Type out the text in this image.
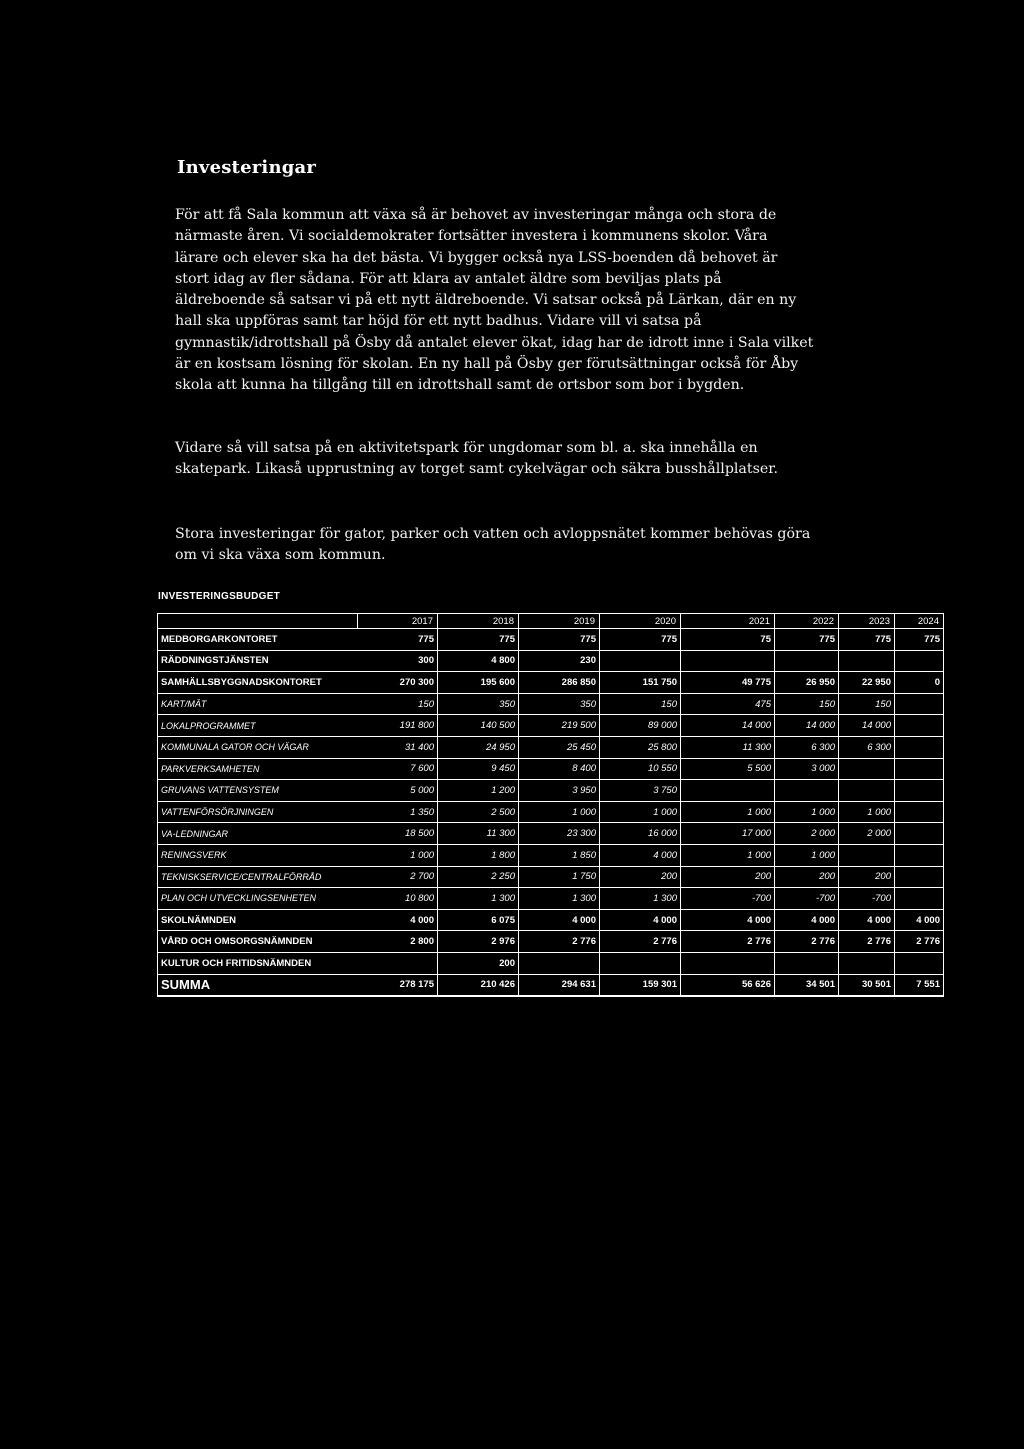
Investeringar

För att få Sala kommun att växa så är behovet av investeringar många och stora de närmaste åren. Vi socialdemokrater fortsätter investera i kommunens skolor. Våra lärare och elever ska ha det bästa. Vi bygger också nya LSS-boenden då behovet är stort idag av fler sådana. För att klara av antalet äldre som beviljas plats på äldreboende så satsar vi på ett nytt äldreboende. Vi satsar också på Lärkan, där en ny hall ska uppföras samt tar höjd för ett nytt badhus. Vidare vill vi satsa på gymnastik/idrottshall på Ösby då antalet elever ökat, idag har de idrott inne i Sala vilket är en kostsam lösning för skolan. En ny hall på Ösby ger förutsättningar också för Åby skola att kunna ha tillgång till en idrottshall samt de ortsbor som bor i bygden.

Vidare så vill satsa på en aktivitetspark för ungdomar som bl. a. ska innehålla en skatepark. Likaså upprustning av torget samt cykelvägar och säkra busshållplatser.

Stora investeringar för gator, parker och vatten och avloppsnätet kommer behövas göra om vi ska växa som kommun.

INVESTERINGSBUDGET
	2017	2018	2019	2020	2021	2022	2023	2024
MEDBORGARKONTORET	775	775	775	775	75	775	775	775
RÄDDNINGSTJÄNSTEN	300	4 800	230					
SAMHÄLLSBYGGNADSKONTORET	270 300	195 600	286 850	151 750	49 775	26 950	22 950	0
KART/MÄT	150	350	350	150	475	150	150	
LOKALPROGRAMMET	191 800	140 500	219 500	89 000	14 000	14 000	14 000	
KOMMUNALA GATOR OCH VÄGAR	31 400	24 950	25 450	25 800	11 300	6 300	6 300	
PARKVERKSAMHETEN	7 600	9 450	8 400	10 550	5 500	3 000		
GRUVANS VATTENSYSTEM	5 000	1 200	3 950	3 750				
VATTENFÖRSÖRJNINGEN	1 350	2 500	1 000	1 000	1 000	1 000	1 000	
VA-LEDNINGAR	18 500	11 300	23 300	16 000	17 000	2 000	2 000	
RENINGSVERK	1 000	1 800	1 850	4 000	1 000	1 000		
TEKNISKSERVICE/CENTRALFÖRRÅD	2 700	2 250	1 750	200	200	200	200	
PLAN OCH UTVECKLINGSENHETEN	10 800	1 300	1 300	1 300	-700	-700	-700	
SKOLNÄMNDEN	4 000	6 075	4 000	4 000	4 000	4 000	4 000	4 000
VÅRD OCH OMSORGSNÄMNDEN	2 800	2 976	2 776	2 776	2 776	2 776	2 776	2 776
KULTUR OCH FRITIDSNÄMNDEN		200						
SUMMA	278 175	210 426	294 631	159 301	56 626	34 501	30 501	7 551
